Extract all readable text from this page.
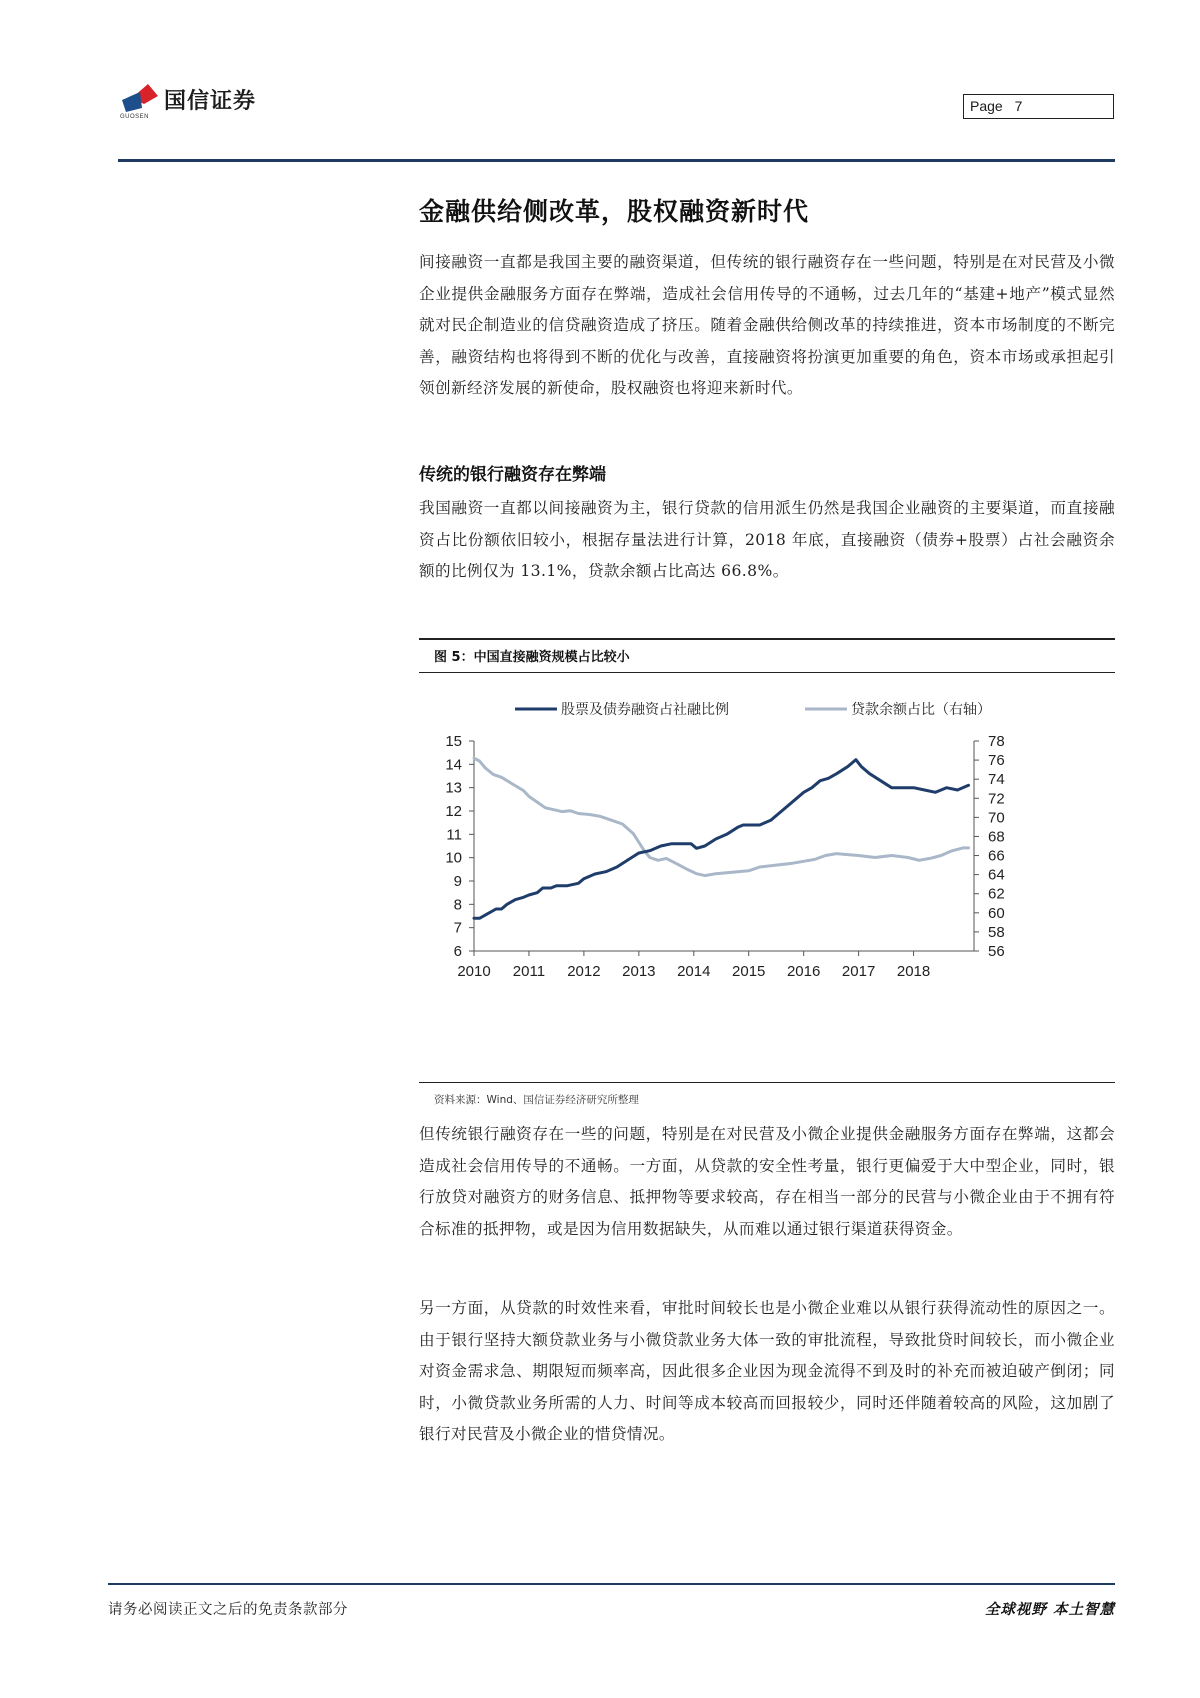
国信证券
GUOSEN
Page 7
金融供给侧改革，股权融资新时代
间接融资一直都是我国主要的融资渠道，但传统的银行融资存在一些问题，特别是在对民营及小微企业提供金融服务方面存在弊端，造成社会信用传导的不通畅，过去几年的“基建+地产”模式显然就对民企制造业的信贷融资造成了挤压。随着金融供给侧改革的持续推进，资本市场制度的不断完善，融资结构也将得到不断的优化与改善，直接融资将扮演更加重要的角色，资本市场或承担起引领创新经济发展的新使命，股权融资也将迎来新时代。
传统的银行融资存在弊端
我国融资一直都以间接融资为主，银行贷款的信用派生仍然是我国企业融资的主要渠道，而直接融资占比份额依旧较小，根据存量法进行计算，2018 年底，直接融资（债券+股票）占社会融资余额的比例仅为 13.1%，贷款余额占比高达 66.8%。
图 5：中国直接融资规模占比较小
股票及债券融资占社融比例	贷款余额占比（右轴）
15
14
13
12
11
10
9
8
7
6
78
76
74
72
70
68
66
64
62
60
58
56
2010 2011 2012 2013 2014 2015 2016 2017 2018
资料来源：Wind、国信证券经济研究所整理
但传统银行融资存在一些的问题，特别是在对民营及小微企业提供金融服务方面存在弊端，这都会造成社会信用传导的不通畅。一方面，从贷款的安全性考量，银行更偏爱于大中型企业，同时，银行放贷对融资方的财务信息、抵押物等要求较高，存在相当一部分的民营与小微企业由于不拥有符合标准的抵押物，或是因为信用数据缺失，从而难以通过银行渠道获得资金。
另一方面，从贷款的时效性来看，审批时间较长也是小微企业难以从银行获得流动性的原因之一。由于银行坚持大额贷款业务与小微贷款业务大体一致的审批流程，导致批贷时间较长，而小微企业对资金需求急、期限短而频率高，因此很多企业因为现金流得不到及时的补充而被迫破产倒闭；同时，小微贷款业务所需的人力、时间等成本较高而回报较少，同时还伴随着较高的风险，这加剧了银行对民营及小微企业的惜贷情况。
请务必阅读正文之后的免责条款部分	全球视野 本土智慧
